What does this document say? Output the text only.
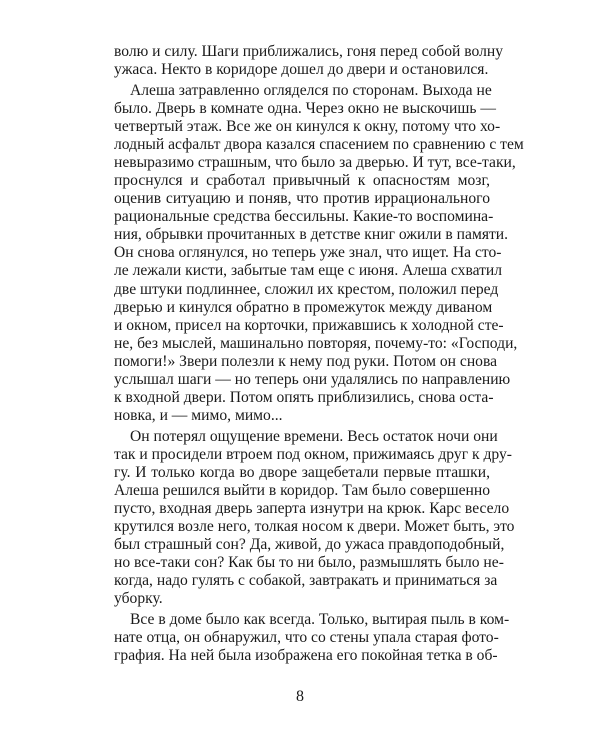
волю и силу. Шаги приближались, гоня перед собой волну
ужаса. Некто в коридоре дошел до двери и остановился.
Алеша затравленно огляделся по сторонам. Выхода не
было. Дверь в комнате одна. Через окно не выскочишь —
четвертый этаж. Все же он кинулся к окну, потому что хо-
лодный асфальт двора казался спасением по сравнению с тем
невыразимо страшным, что было за дверью. И тут, все-таки,
проснулся и сработал привычный к опасностям мозг,
оценив ситуацию и поняв, что против иррационального
рациональные средства бессильны. Какие-то воспомина-
ния, обрывки прочитанных в детстве книг ожили в памяти.
Он снова оглянулся, но теперь уже знал, что ищет. На сто-
ле лежали кисти, забытые там еще с июня. Алеша схватил
две штуки подлиннее, сложил их крестом, положил перед
дверью и кинулся обратно в промежуток между диваном
и окном, присел на корточки, прижавшись к холодной сте-
не, без мыслей, машинально повторяя, почему-то: «Господи,
помоги!» Звери полезли к нему под руки. Потом он снова
услышал шаги — но теперь они удалялись по направлению
к входной двери. Потом опять приблизились, снова оста-
новка, и — мимо, мимо...
Он потерял ощущение времени. Весь остаток ночи они
так и просидели втроем под окном, прижимаясь друг к дру-
гу. И только когда во дворе защебетали первые пташки,
Алеша решился выйти в коридор. Там было совершенно
пусто, входная дверь заперта изнутри на крюк. Карс весело
крутился возле него, толкая носом к двери. Может быть, это
был страшный сон? Да, живой, до ужаса правдоподобный,
но все-таки сон? Как бы то ни было, размышлять было не-
когда, надо гулять с собакой, завтракать и приниматься за
уборку.
Все в доме было как всегда. Только, вытирая пыль в ком-
нате отца, он обнаружил, что со стены упала старая фото-
графия. На ней была изображена его покойная тетка в об-
8
